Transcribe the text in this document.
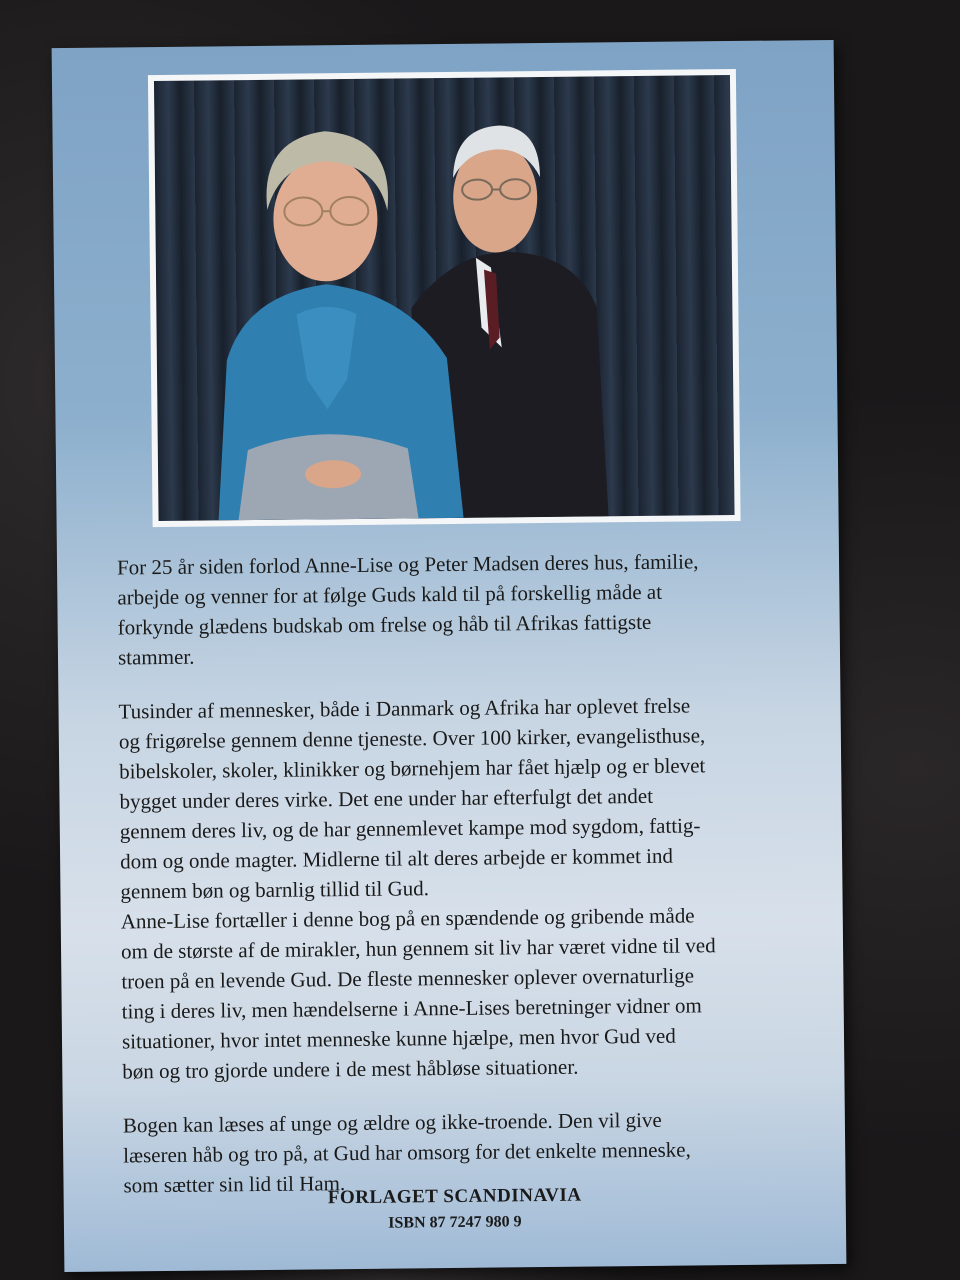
For 25 år siden forlod Anne-Lise og Peter Madsen deres hus, familie,
arbejde og venner for at følge Guds kald til på forskellig måde at
forkynde glædens budskab om frelse og håb til Afrikas fattigste
stammer.

Tusinder af mennesker, både i Danmark og Afrika har oplevet frelse
og frigørelse gennem denne tjeneste. Over 100 kirker, evangelisthuse,
bibelskoler, skoler, klinikker og børnehjem har fået hjælp og er blevet
bygget under deres virke. Det ene under har efterfulgt det andet
gennem deres liv, og de har gennemlevet kampe mod sygdom, fattig-
dom og onde magter. Midlerne til alt deres arbejde er kommet ind
gennem bøn og barnlig tillid til Gud.
Anne-Lise fortæller i denne bog på en spændende og gribende måde
om de største af de mirakler, hun gennem sit liv har været vidne til ved
troen på en levende Gud. De fleste mennesker oplever overnaturlige
ting i deres liv, men hændelserne i Anne-Lises beretninger vidner om
situationer, hvor intet menneske kunne hjælpe, men hvor Gud ved
bøn og tro gjorde undere i de mest håbløse situationer.

Bogen kan læses af unge og ældre og ikke-troende. Den vil give
læseren håb og tro på, at Gud har omsorg for det enkelte menneske,
som sætter sin lid til Ham.

FORLAGET SCANDINAVIA
ISBN 87 7247 980 9
